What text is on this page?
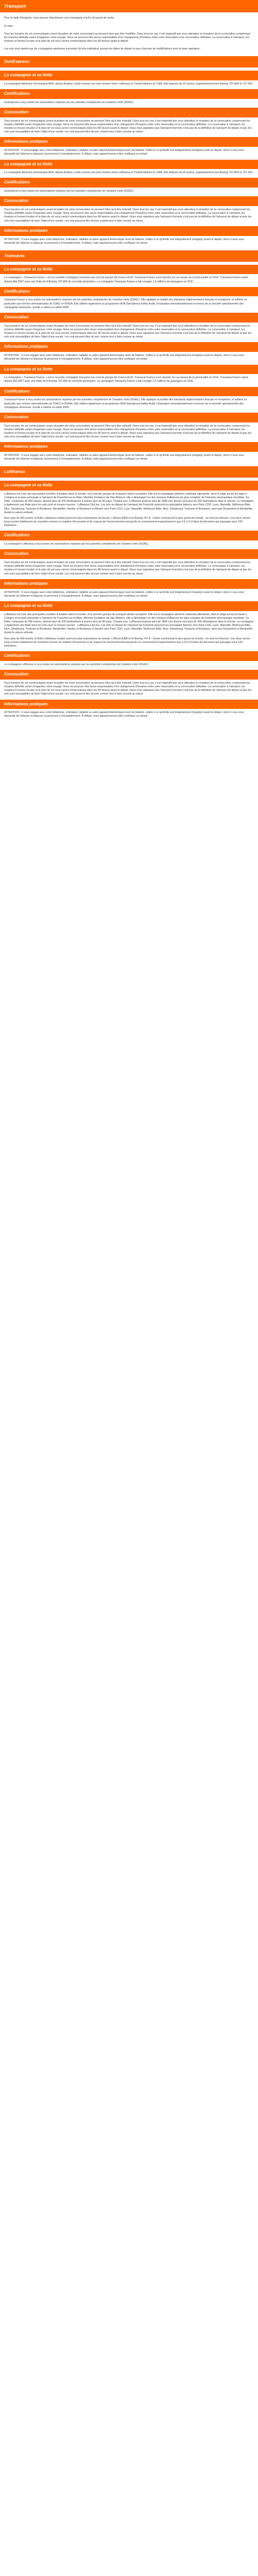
Transport

Pour la dalle Pierrigrisk, vous pouvez sélectionner une compagnie à la fin du tunnel de vente.

À noter :

Tous les horaires de vol communiqués avant réception de votre convocation au peuvent faire que être modifiés. Dans tous les cas, il est impératif que vous attendiez la réception de la convocation comprenant les horaires définitifs avant d'organiser votre voyage. Nous ne pouvons être tenus responsables d'un changement d'horaires entre votre réservation et la convocation définitive. La convocation à l'aéroport, les horaires et heures locales et le plan de vol vous seront communiqués dans les 48 heures avant le départ.

Les vols sont opérés par les compagnies aériennes suivantes (la liste indicative) suivant les dates de départ et pour chacune de modifications pour la base opérateur :

SunExpress
La compagnie et sa flotte

La compagnie Aérienne Germanique AFR, depuis Antalya, créée comme une joint venture entre Lufthansa et Turkish Airlines en 1989. Elle dispose de 25 avions, majoritairement des Boeing 737-800 et 737-200.

Certifications

SunExpress a reçu toutes les autorisations requises par les autorités compétentes de l'aviation civile (DGAC).

Convocation

Tous horaires de vol communiqués avant réception de votre convocation ne peuvent l'être qu'à titre indicatif. Dans tous les cas, il est impératif que vous attendiez la réception de la convocation comprenant les horaires définitifs avant d'organiser votre voyage. Nous ne pouvons être tenus responsables d'un changement d'horaires entre votre réservation et la convocation définitive. La convocation à l'aéroport, les horaires et heures locales et le plan de vol vous seront communiqués dans les 48 heures avant le départ. Nous vous signalons que l'aéroport d'arrivée n'est pas de la définitive de l'aéroport de départ et que les vols sont susceptibles de faire l'objet d'une escale. Les vols peuvent être de jour comme tout à faire comme au retour.

Informations pratiques

ATTENTION : Il vous engage avec votre téléphone, ordinateur, tablette ou autre appareil électronique muni de batterie, veillez à ce qu'il/elle soit intégralement chargé(e) avant le départ, sinon il vous sera demandé de l'allumer et disposer la personne à l'enregistrement. À défaut, votre appareil pourra être confisqué ou refusé.

La compagnie et sa flotte

La compagnie Aérienne Germanique AFR, depuis Antalya, créée comme une joint venture entre Lufthansa et Turkish Airlines en 1989. Elle dispose de 25 avions, majoritairement des Boeing 737-800 et 737-200.

Certifications

SunExpress a reçu toutes les autorisations requises par les autorités compétentes de l'aviation civile (DGAC).

Convocation

Tous horaires de vol communiqués avant réception de votre convocation ne peuvent l'être qu'à titre indicatif. Dans tous les cas, il est impératif que vous attendiez la réception de la convocation comprenant les horaires définitifs avant d'organiser votre voyage. Nous ne pouvons être tenus responsables d'un changement d'horaires entre votre réservation et la convocation définitive. La convocation à l'aéroport, les horaires et heures locales et le plan de vol vous seront communiqués dans les 48 heures avant le départ. Nous vous signalons que l'aéroport d'arrivée n'est pas de la définitive de l'aéroport de départ et que les vols sont susceptibles de faire l'objet d'une escale. Les vols peuvent être de jour comme tout à faire comme au retour.

Informations pratiques

ATTENTION : Il vous engage avec votre téléphone, ordinateur, tablette ou autre appareil électronique muni de batterie, veillez à ce qu'il/elle soit intégralement chargé(e) avant le départ, sinon il vous sera demandé de l'allumer et disposer la personne à l'enregistrement. À défaut, votre appareil pourra être confisqué ou refusé.

Transavia
La compagnie et sa flotte

La compagnie « Transavia France » est la nouvelle compagnie française low-cost du groupe Air France-KLM. Transavia France s'est classée 1er au niveau de la ponctualité en 2014. Transavia France opère depuis Mai 2007 avec une flotte de 8 Boeing 737-800 de nouvelle génération. La compagnie Transavia France a fait voyager 1,6 millions de passagers en 2011.

Certifications

Transavia France a reçu toutes les autorisations requises par les autorités compétentes de l'aviation civile (DGAC). Elle applique la totalité des standards réglementaires français et européens, et adhère en particulier aux normes internationales de l'OACI et l'EASA. Elle adhère également au programme IATA Operational Safety Audit, l'évaluation internationalement reconnue de la sécurité opérationnelle des compagnies aériennes, qu'elle a obtenu en juillet 2009.

Convocation

Tous horaires de vol communiqués avant réception de votre convocation ne peuvent l'être qu'à titre indicatif. Dans tous les cas, il est impératif que vous attendiez la réception de la convocation comprenant les horaires définitifs avant d'organiser votre voyage. Nous ne pouvons être tenus responsables d'un changement d'horaires entre votre réservation et la convocation définitive. La convocation à l'aéroport, les horaires et heures locales et le plan de vol vous seront communiqués dans les 48 heures avant le départ. Nous vous signalons que l'aéroport d'arrivée n'est pas de la définitive de l'aéroport de départ et que les vols sont susceptibles de faire l'objet d'une escale. Les vols peuvent être de jour comme tout à faire comme au retour.

Informations pratiques

ATTENTION : Il vous engage avec votre téléphone, ordinateur, tablette ou autre appareil électronique muni de batterie, veillez à ce qu'il/elle soit intégralement chargé(e) avant le départ, sinon il vous sera demandé de l'allumer et disposer la personne à l'enregistrement. À défaut, votre appareil pourra être confisqué ou refusé.

La compagnie et sa flotte

La compagnie « Transavia France » est la nouvelle compagnie française low-cost du groupe Air France-KLM. Transavia France s'est classée 1er au niveau de la ponctualité en 2014. Transavia France opère depuis Mai 2007 avec une flotte de 8 Boeing 737-800 de nouvelle génération. La compagnie Transavia France a fait voyager 1,6 millions de passagers en 2011.

Certifications

Transavia France a reçu toutes les autorisations requises par les autorités compétentes de l'aviation civile (DGAC). Elle applique la totalité des standards réglementaires français et européens, et adhère en particulier aux normes internationales de l'OACI et l'EASA. Elle adhère également au programme IATA Operational Safety Audit, l'évaluation internationalement reconnue de la sécurité opérationnelle des compagnies aériennes, qu'elle a obtenu en juillet 2009.

Convocation

Tous horaires de vol communiqués avant réception de votre convocation ne peuvent l'être qu'à titre indicatif. Dans tous les cas, il est impératif que vous attendiez la réception de la convocation comprenant les horaires définitifs avant d'organiser votre voyage. Nous ne pouvons être tenus responsables d'un changement d'horaires entre votre réservation et la convocation définitive. La convocation à l'aéroport, les horaires et heures locales et le plan de vol vous seront communiqués dans les 48 heures avant le départ. Nous vous signalons que l'aéroport d'arrivée n'est pas de la définitive de l'aéroport de départ et que les vols sont susceptibles de faire l'objet d'une escale. Les vols peuvent être de jour comme tout à faire comme au retour.

Informations pratiques

ATTENTION : Il vous engage avec votre téléphone, ordinateur, tablette ou autre appareil électronique muni de batterie, veillez à ce qu'il/elle soit intégralement chargé(e) avant le départ, sinon il vous sera demandé de l'allumer et disposer la personne à l'enregistrement. À défaut, votre appareil pourra être confisqué ou refusé.

Lufthansa
La compagnie et sa flotte

Lufthansa est l'une des principales sociétés d'aviation dans le monde, et le premier groupe du transport aérien européen. Elle est la compagnie aérienne nationale allemande, dont le siège social est basé à Cologne et la base principale à l'aéroport de Francfort-sur-le-Main. Membre fondateur de Star Alliance, elle a développé l'un des réseaux d'alliances les plus complets de l'industrie aéronautique mondiale. Sa flotte, composée de 400 avions, dessert plus de 200 destinations à travers plus de 80 pays. Chaque jour, Lufthansa propose plus de 1800 vols directs vers plus de 200 destinations dans le monde. La compagnie a également une filiale pour les vols court et moyen-courrier : Lufthansa CityLine. Les vols au départ de l'aéroport de Francfort assurent les principales liaisons vers Paris CDG, Lyon, Marseille, Mulhouse-Bâle, Nice, Strasbourg, Toulouse et Bordeaux, Montpellier, Nantes et Bordeaux et Munich vers Paris CDG, Lyon, Marseille, Mulhouse-Bâle, Nice, Strasbourg, Toulouse et Bordeaux, ainsi que Dusseldorf et Montpellier durant la saison estivale.

Avec plus de 400 avions, la flotte Lufthansa compte parmi les plus importantes du monde. L'Airbus A380 et le Boeing 747-8 - l'avion commercial le plus grand du monde - en sont les fleurons. Ces deux avions long-courrier établissent de nouvelles normes en matière d'économie et de respect de l'environnement puisqu'ils ne consomment respectivement que 2,9 et 3,5 litres de kérosène par passager pour 100 kilomètres.

Certifications

La compagnie Lufthansa a reçu toutes les autorisations requises par les autorités compétentes de l'aviation civile (DGAC).

Convocation

Tous horaires de vol communiqués avant réception de votre convocation ne peuvent l'être qu'à titre indicatif. Dans tous les cas, il est impératif que vous attendiez la réception de la convocation comprenant les horaires définitifs avant d'organiser votre voyage. Nous ne pouvons être tenus responsables d'un changement d'horaires entre votre réservation et la convocation définitive. La convocation à l'aéroport, les horaires et heures locales et le plan de vol vous seront communiqués dans les 48 heures avant le départ. Nous vous signalons que l'aéroport d'arrivée n'est pas de la définitive de l'aéroport de départ et que les vols sont susceptibles de faire l'objet d'une escale. Les vols peuvent être de jour comme tout à faire comme au retour.

Informations pratiques

ATTENTION : Il vous engage avec votre téléphone, ordinateur, tablette ou autre appareil électronique muni de batterie, veillez à ce qu'il/elle soit intégralement chargé(e) avant le départ, sinon il vous sera demandé de l'allumer et disposer la personne à l'enregistrement. À défaut, votre appareil pourra être confisqué ou refusé.

La compagnie et sa flotte

Lufthansa est l'une des principales sociétés d'aviation dans le monde, et le premier groupe du transport aérien européen. Elle est la compagnie aérienne nationale allemande, dont le siège social est basé à Cologne et la base principale à l'aéroport de Francfort-sur-le-Main. Membre fondateur de Star Alliance, elle a développé l'un des réseaux d'alliances les plus complets de l'industrie aéronautique mondiale. Sa flotte, composée de 400 avions, dessert plus de 200 destinations à travers plus de 80 pays. Chaque jour, Lufthansa propose plus de 1800 vols directs vers plus de 200 destinations dans le monde. La compagnie a également une filiale pour les vols court et moyen-courrier : Lufthansa CityLine. Les vols au départ de l'aéroport de Francfort assurent les principales liaisons vers Paris CDG, Lyon, Marseille, Mulhouse-Bâle, Nice, Strasbourg, Toulouse et Bordeaux, Montpellier, Nantes et Bordeaux et Munich vers Paris CDG, Lyon, Marseille, Mulhouse-Bâle, Nice, Strasbourg, Toulouse et Bordeaux, ainsi que Dusseldorf et Montpellier durant la saison estivale.

Avec plus de 400 avions, la flotte Lufthansa compte parmi les plus importantes du monde. L'Airbus A380 et le Boeing 747-8 - l'avion commercial le plus grand du monde - en sont les fleurons. Ces deux avions long-courrier établissent de nouvelles normes en matière d'économie et de respect de l'environnement puisqu'ils ne consomment respectivement que 2,9 et 3,5 litres de kérosène par passager pour 100 kilomètres.

Certifications

La compagnie Lufthansa a reçu toutes les autorisations requises par les autorités compétentes de l'aviation civile (DGAC).

Convocation

Tous horaires de vol communiqués avant réception de votre convocation ne peuvent l'être qu'à titre indicatif. Dans tous les cas, il est impératif que vous attendiez la réception de la convocation comprenant les horaires définitifs avant d'organiser votre voyage. Nous ne pouvons être tenus responsables d'un changement d'horaires entre votre réservation et la convocation définitive. La convocation à l'aéroport, les horaires et heures locales et le plan de vol vous seront communiqués dans les 48 heures avant le départ. Nous vous signalons que l'aéroport d'arrivée n'est pas de la définitive de l'aéroport de départ et que les vols sont susceptibles de faire l'objet d'une escale. Les vols peuvent être de jour comme tout à faire comme au retour.

Informations pratiques

ATTENTION : Il vous engage avec votre téléphone, ordinateur, tablette ou autre appareil électronique muni de batterie, veillez à ce qu'il/elle soit intégralement chargé(e) avant le départ, sinon il vous sera demandé de l'allumer et disposer la personne à l'enregistrement. À défaut, votre appareil pourra être confisqué ou refusé.
